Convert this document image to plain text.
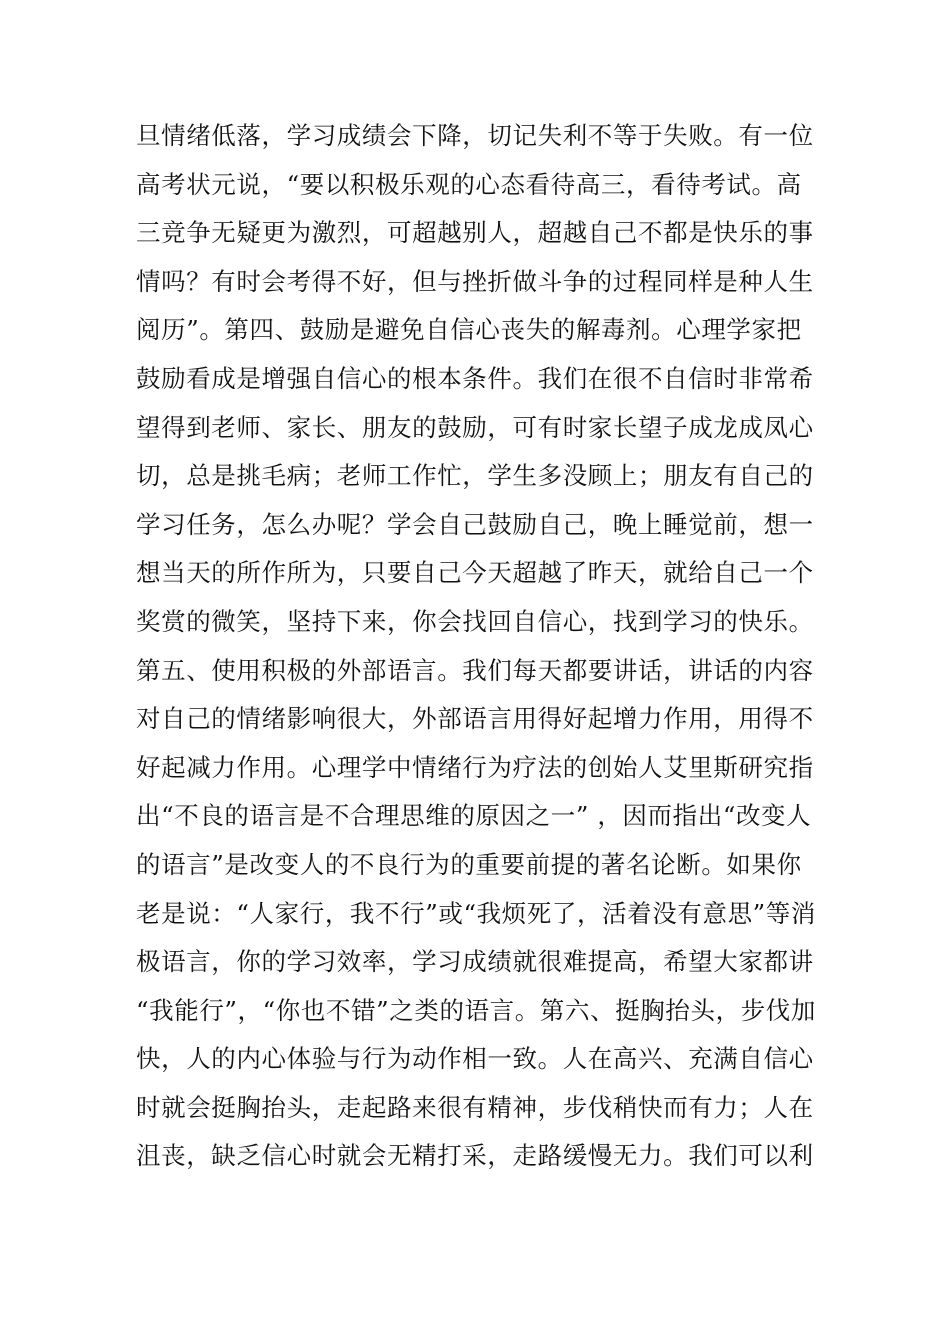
旦情绪低落，学习成绩会下降，切记失利不等于失败。有一位
高考状元说，“要以积极乐观的心态看待高三，看待考试。高
三竞争无疑更为激烈，可超越别人，超越自己不都是快乐的事
情吗？有时会考得不好，但与挫折做斗争的过程同样是种人生
阅历”。第四、鼓励是避免自信心丧失的解毒剂。心理学家把
鼓励看成是增强自信心的根本条件。我们在很不自信时非常希
望得到老师、家长、朋友的鼓励，可有时家长望子成龙成凤心
切，总是挑毛病；老师工作忙，学生多没顾上；朋友有自己的
学习任务，怎么办呢？学会自己鼓励自己，晚上睡觉前，想一
想当天的所作所为，只要自己今天超越了昨天，就给自己一个
奖赏的微笑，坚持下来，你会找回自信心，找到学习的快乐。
第五、使用积极的外部语言。我们每天都要讲话，讲话的内容
对自己的情绪影响很大，外部语言用得好起增力作用，用得不
好起减力作用。心理学中情绪行为疗法的创始人艾里斯研究指
出“不良的语言是不合理思维的原因之一” ，因而指出“改变人
的语言”是改变人的不良行为的重要前提的著名论断。如果你
老是说：“人家行，我不行”或“我烦死了，活着没有意思”等消
极语言，你的学习效率，学习成绩就很难提高，希望大家都讲
“我能行”，“你也不错”之类的语言。第六、挺胸抬头，步伐加
快，人的内心体验与行为动作相一致。人在高兴、充满自信心
时就会挺胸抬头，走起路来很有精神，步伐稍快而有力；人在
沮丧，缺乏信心时就会无精打采，走路缓慢无力。我们可以利
